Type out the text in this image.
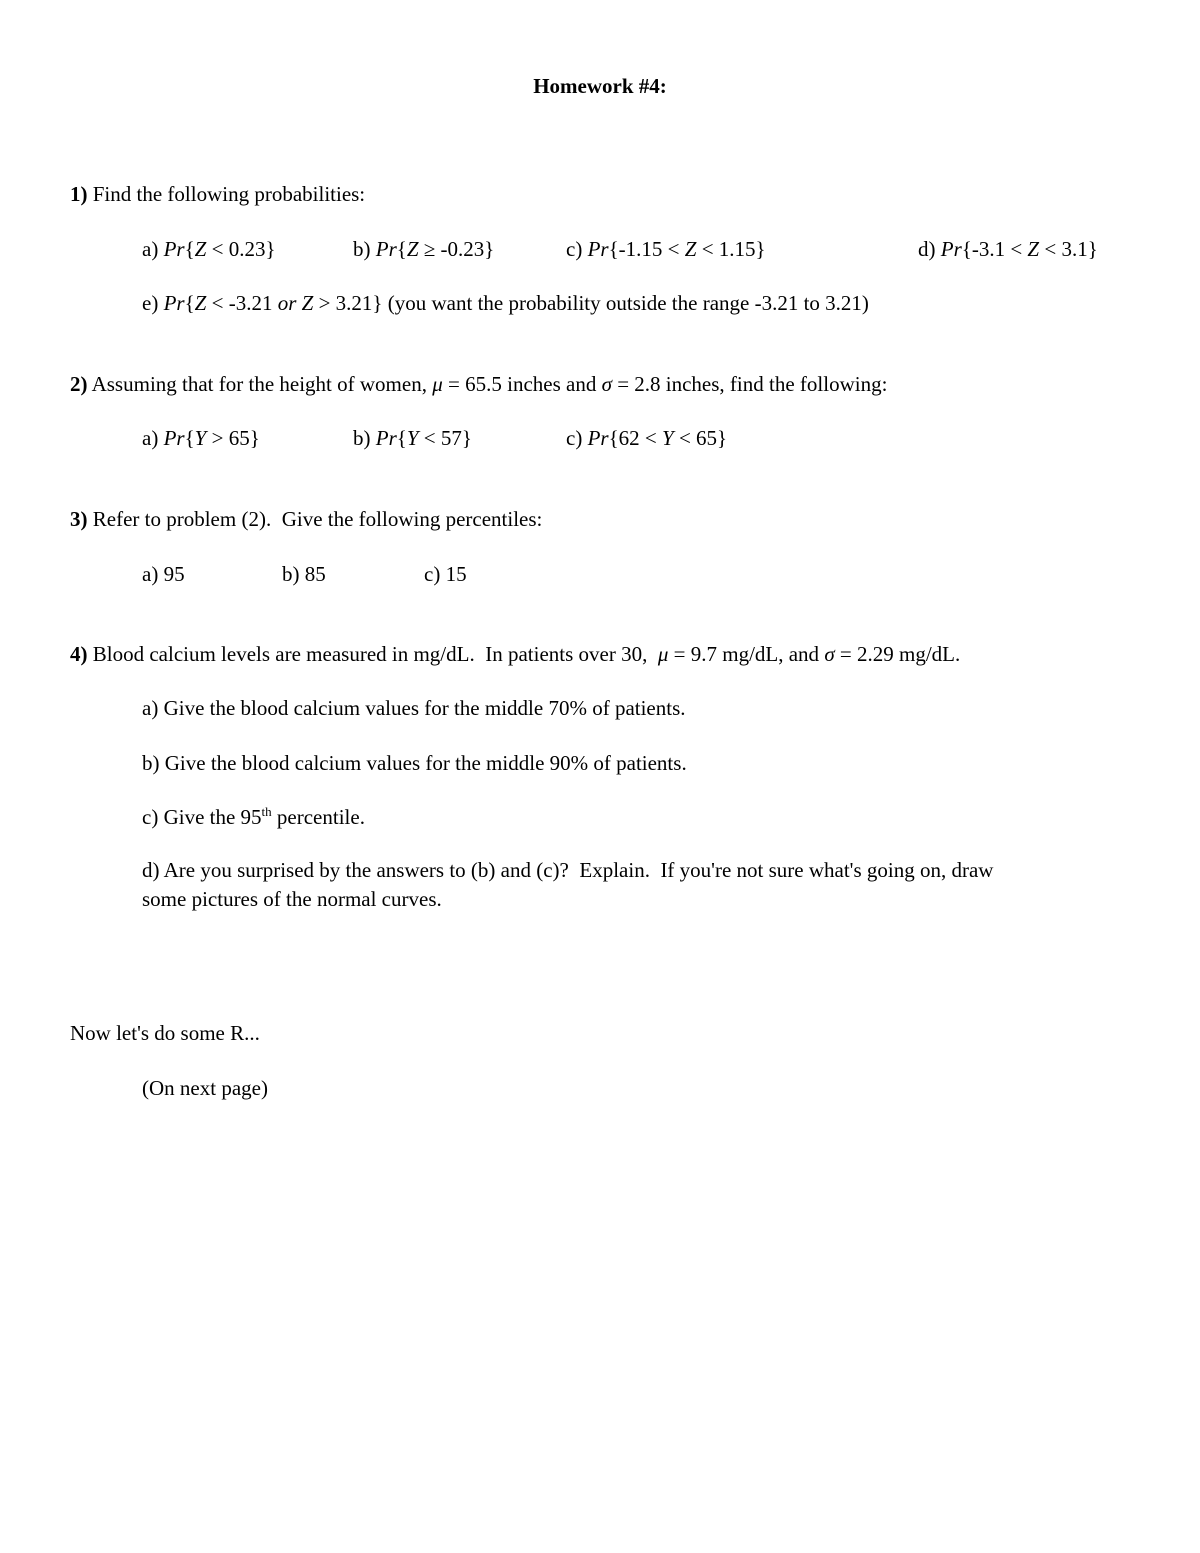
Homework #4:
1) Find the following probabilities:
a) Pr{Z < 0.23}	b) Pr{Z ≥ -0.23}	c) Pr{-1.15 < Z < 1.15}	d) Pr{-3.1 < Z < 3.1}
e) Pr{Z < -3.21 or Z > 3.21} (you want the probability outside the range -3.21 to 3.21)
2) Assuming that for the height of women, μ = 65.5 inches and σ = 2.8 inches, find the following:
a) Pr{Y > 65}	b) Pr{Y < 57}	c) Pr{62 < Y < 65}
3) Refer to problem (2).  Give the following percentiles:
a) 95	b) 85	c) 15
4) Blood calcium levels are measured in mg/dL.  In patients over 30,  μ = 9.7 mg/dL, and σ = 2.29 mg/dL.
a) Give the blood calcium values for the middle 70% of patients.
b) Give the blood calcium values for the middle 90% of patients.
c) Give the 95th percentile.
d) Are you surprised by the answers to (b) and (c)?  Explain.  If you're not sure what's going on, draw
some pictures of the normal curves.
Now let's do some R...
(On next page)
